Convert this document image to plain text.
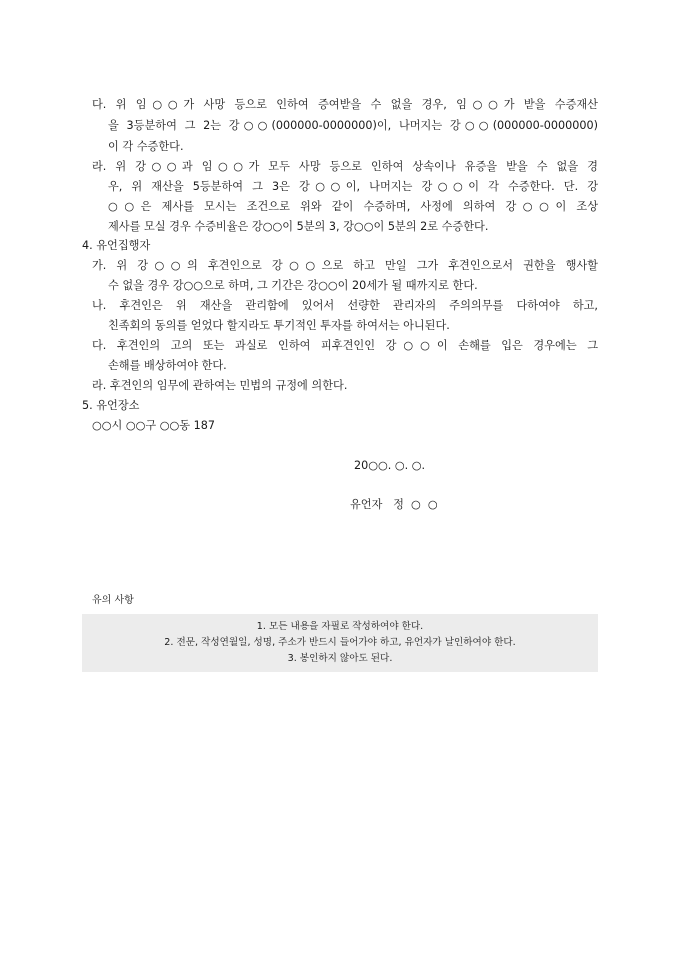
다. 위 임○○가 사망 등으로 인하여 증여받을 수 없을 경우, 임○○가 받을 수증재산
을 3등분하여 그 2는 강○○(000000-0000000)이, 나머지는 강○○(000000-0000000)
이 각 수증한다.
라. 위 강○○과 임○○가 모두 사망 등으로 인하여 상속이나 유증을 받을 수 없을 경
우, 위 재산을 5등분하여 그 3은 강○○이, 나머지는 강○○이 각 수증한다. 단. 강
○○은 제사를 모시는 조건으로 위와 같이 수증하며, 사정에 의하여 강○○이 조상
제사를 모실 경우 수증비율은 강○○이 5분의 3, 강○○이 5분의 2로 수증한다.
4. 유언집행자
가. 위 강○○의 후견인으로 강○○으로 하고 만일 그가 후견인으로서 권한을 행사할
수 없을 경우 강○○으로 하며, 그 기간은 강○○이 20세가 될 때까지로 한다.
나. 후견인은 위 재산을 관리함에 있어서 선량한 관리자의 주의의무를 다하여야 하고,
친족회의 동의를 얻었다 할지라도 투기적인 투자를 하여서는 아니된다.
다. 후견인의 고의 또는 과실로 인하여 피후견인인 강○○이 손해를 입은 경우에는 그
손해를 배상하여야 한다.
라. 후견인의 임무에 관하여는 민법의 규정에 의한다.
5. 유언장소
○○시 ○○구 ○○동 187
20○○. ○. ○.
유언자   정  ○  ○
유의 사항
1. 모든 내용을 자필로 작성하여야 한다.
2. 전문, 작성연월일, 성명, 주소가 반드시 들어가야 하고, 유언자가 날인하여야 한다.
3. 봉인하지 않아도 된다.
